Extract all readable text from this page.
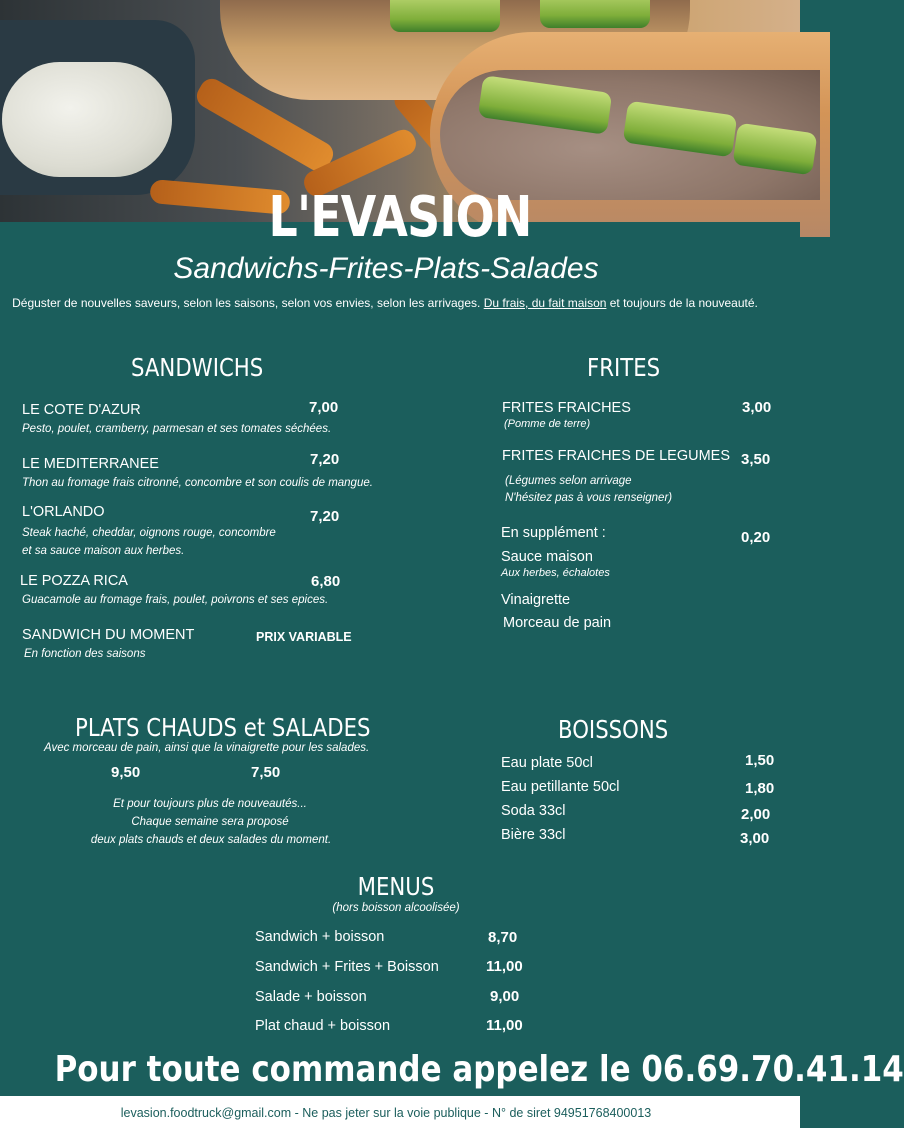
L'EVASION
Sandwichs-Frites-Plats-Salades
Déguster de nouvelles saveurs, selon les saisons, selon vos envies, selon les arrivages. Du frais, du fait maison et toujours de la nouveauté.
SANDWICHS
LE COTE D'AZUR	7,00
Pesto, poulet, cramberry, parmesan et ses tomates séchées.
LE MEDITERRANEE	7,20
Thon au fromage frais citronné, concombre et son coulis de mangue.
L'ORLANDO	7,20
Steak haché, cheddar, oignons rouge, concombre
et sa sauce maison aux herbes.
LE POZZA RICA	6,80
Guacamole au fromage frais, poulet, poivrons et ses epices.
SANDWICH DU MOMENT	PRIX VARIABLE
En fonction des saisons
FRITES
FRITES FRAICHES	3,00
(Pomme de terre)
FRITES FRAICHES DE LEGUMES 3,50
(Légumes selon arrivage
N'hésitez pas à vous renseigner)
En supplément :	0,20
Sauce maison
Aux herbes, échalotes
Vinaigrette
Morceau de pain
PLATS CHAUDS et SALADES
Avec morceau de pain, ainsi que la vinaigrette pour les salades.
9,50	7,50
Et pour toujours plus de nouveautés...
Chaque semaine sera proposé
deux plats chauds et deux salades du moment.
BOISSONS
Eau plate 50cl	1,50
Eau petillante 50cl	1,80
Soda 33cl	2,00
Bière 33cl	3,00
MENUS
(hors boisson alcoolisée)
Sandwich + boisson	8,70
Sandwich + Frites + Boisson	11,00
Salade + boisson	9,00
Plat chaud + boisson	11,00
Pour toute commande appelez le 06.69.70.41.14
levasion.foodtruck@gmail.com - Ne pas jeter sur la voie publique - N° de siret 94951768400013
